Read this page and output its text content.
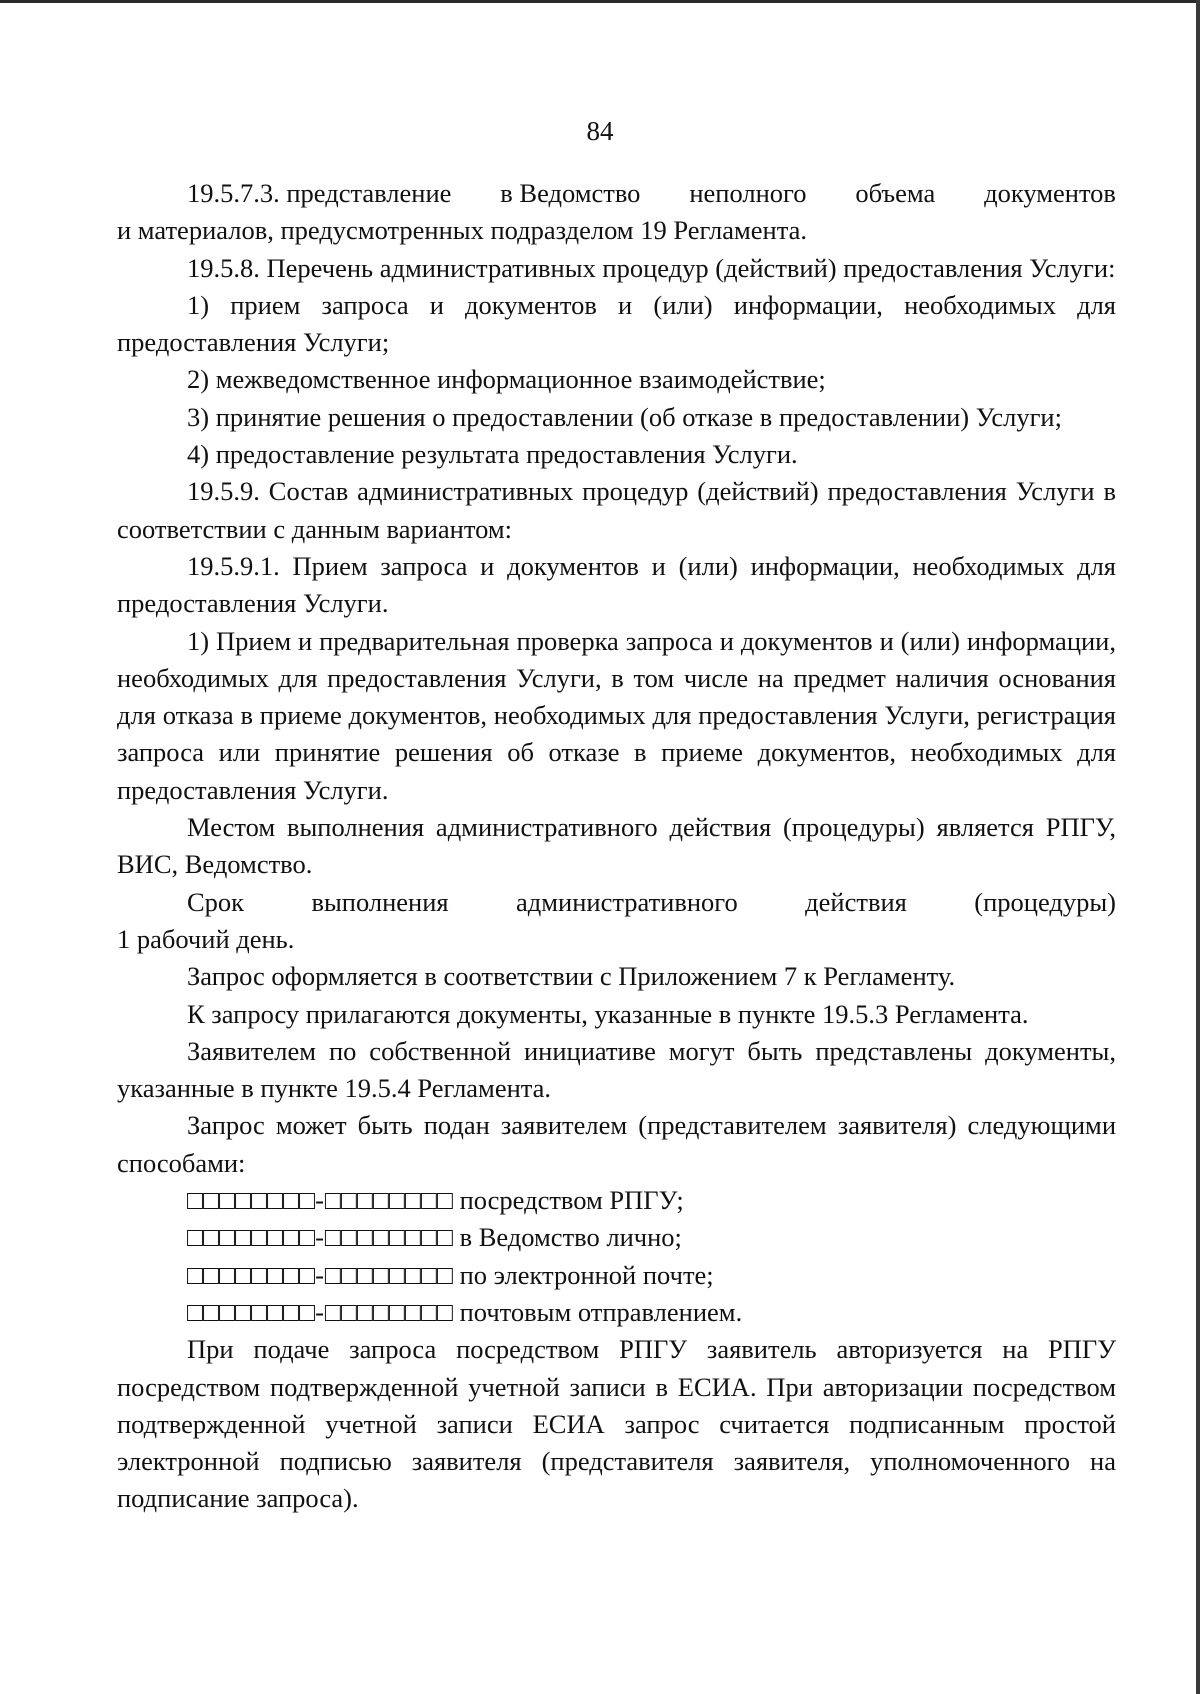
84
19.5.7.3. представление в Ведомство неполного объема документов

и материалов, предусмотренных подразделом 19 Регламента.

19.5.8. Перечень административных процедур (действий) предоставления Услуги:

1) прием запроса и документов и (или) информации, необходимых для предоставления Услуги;

2) межведомственное информационное взаимодействие;

3) принятие решения о предоставлении (об отказе в предоставлении) Услуги;

4) предоставление результата предоставления Услуги.

19.5.9. Состав административных процедур (действий) предоставления Услуги в соответствии с данным вариантом:

19.5.9.1. Прием запроса и документов и (или) информации, необходимых для предоставления Услуги.

1) Прием и предварительная проверка запроса и документов и (или) информации, необходимых для предоставления Услуги, в том числе на предмет наличия основания для отказа в приеме документов, необходимых для предоставления Услуги, регистрация запроса или принятие решения об отказе в приеме документов, необходимых для предоставления Услуги.

Местом выполнения административного действия (процедуры) является РПГУ, ВИС, Ведомство.

Срок	выполнения	административного	действия	(процедуры)

1 рабочий день.

Запрос оформляется в соответствии с Приложением 7 к Регламенту.

К запросу прилагаются документы, указанные в пункте 19.5.3 Регламента.

Заявителем по собственной инициативе могут быть представлены документы, указанные в пункте 19.5.4 Регламента.

Запрос может быть подан заявителем (представителем заявителя) следующими способами:

□□□□□□□□-□□□□□□□□ посредством РПГУ;
□□□□□□□□-□□□□□□□□ в Ведомство лично;
□□□□□□□□-□□□□□□□□ по электронной почте;
□□□□□□□□-□□□□□□□□ почтовым отправлением.

При подаче запроса посредством РПГУ заявитель авторизуется на РПГУ посредством подтвержденной учетной записи в ЕСИА. При авторизации посредством подтвержденной учетной записи ЕСИА запрос считается подписанным простой электронной подписью заявителя (представителя заявителя, уполномоченного на подписание запроса).
